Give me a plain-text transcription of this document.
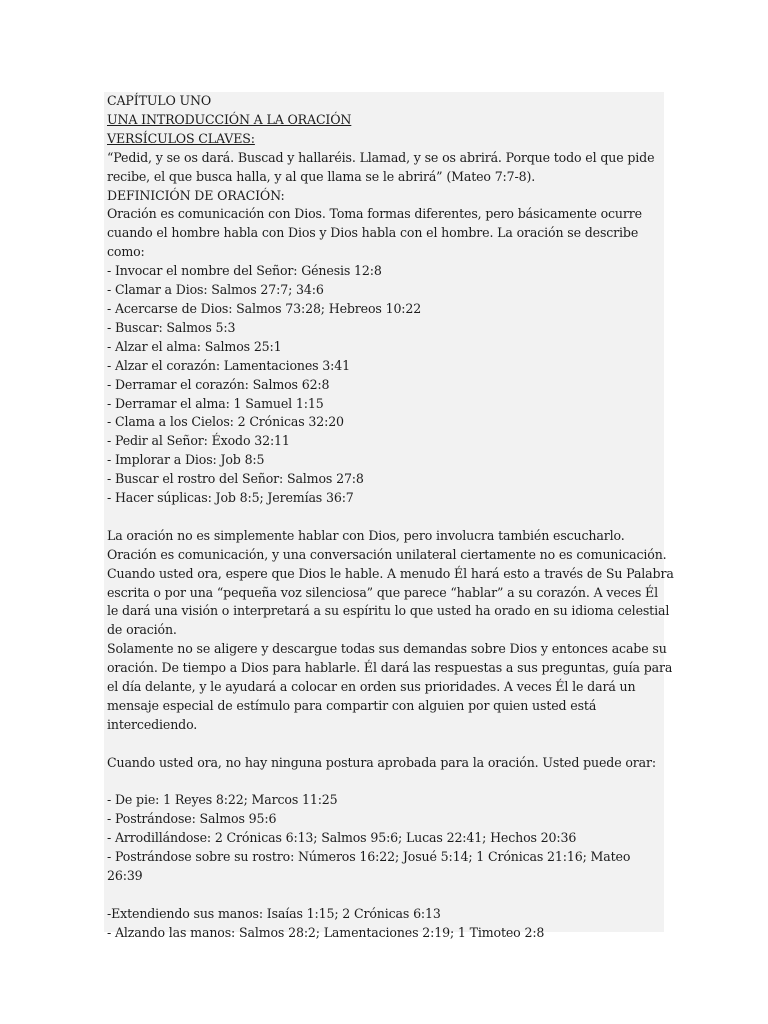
CAPÍTULO UNO
UNA INTRODUCCIÓN A LA ORACIÓN
VERSÍCULOS CLAVES:
“Pedid, y se os dará. Buscad y hallaréis. Llamad, y se os abrirá. Porque todo el que pide
recibe, el que busca halla, y al que llama se le abrirá” (Mateo 7:7-8).
DEFINICIÓN DE ORACIÓN:
Oración es comunicación con Dios. Toma formas diferentes, pero básicamente ocurre
cuando el hombre habla con Dios y Dios habla con el hombre. La oración se describe
como:
- Invocar el nombre del Señor: Génesis 12:8
- Clamar a Dios: Salmos 27:7; 34:6
- Acercarse de Dios: Salmos 73:28; Hebreos 10:22
- Buscar: Salmos 5:3
- Alzar el alma: Salmos 25:1
- Alzar el corazón: Lamentaciones 3:41
- Derramar el corazón: Salmos 62:8
- Derramar el alma: 1 Samuel 1:15
- Clama a los Cielos: 2 Crónicas 32:20
- Pedir al Señor: Éxodo 32:11
- Implorar a Dios: Job 8:5
- Buscar el rostro del Señor: Salmos 27:8
- Hacer súplicas: Job 8:5; Jeremías 36:7
La oración no es simplemente hablar con Dios, pero involucra también escucharlo.
Oración es comunicación, y una conversación unilateral ciertamente no es comunicación.
Cuando usted ora, espere que Dios le hable. A menudo Él hará esto a través de Su Palabra
escrita o por una “pequeña voz silenciosa” que parece “hablar” a su corazón. A veces Él
le dará una visión o interpretará a su espíritu lo que usted ha orado en su idioma celestial
de oración.
Solamente no se aligere y descargue todas sus demandas sobre Dios y entonces acabe su
oración. De tiempo a Dios para hablarle. Él dará las respuestas a sus preguntas, guía para
el día delante, y le ayudará a colocar en orden sus prioridades. A veces Él le dará un
mensaje especial de estímulo para compartir con alguien por quien usted está
intercediendo.
Cuando usted ora, no hay ninguna postura aprobada para la oración. Usted puede orar:
- De pie: 1 Reyes 8:22; Marcos 11:25
- Postrándose: Salmos 95:6
- Arrodillándose: 2 Crónicas 6:13; Salmos 95:6; Lucas 22:41; Hechos 20:36
- Postrándose sobre su rostro: Números 16:22; Josué 5:14; 1 Crónicas 21:16; Mateo
26:39
-Extendiendo sus manos: Isaías 1:15; 2 Crónicas 6:13
- Alzando las manos: Salmos 28:2; Lamentaciones 2:19; 1 Timoteo 2:8
